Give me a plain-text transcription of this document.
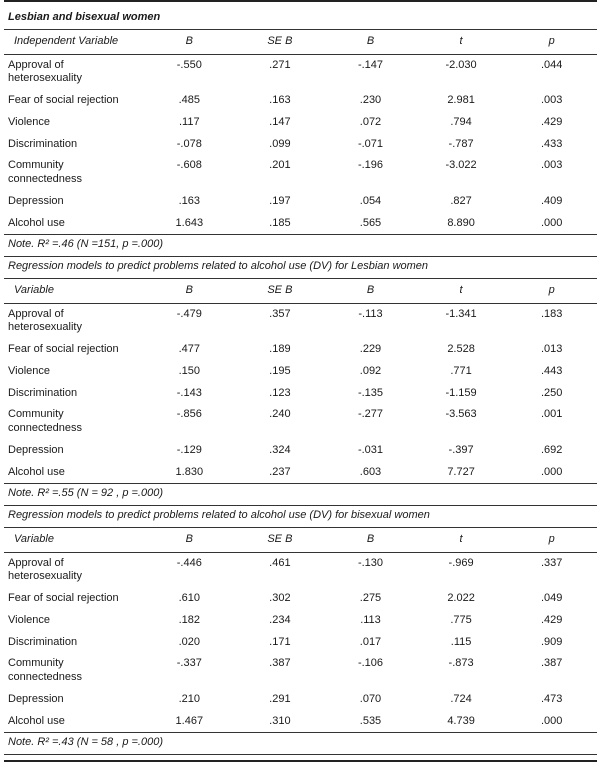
Lesbian and bisexual women
Independent Variable	B	SE B	B	t	p
Approval of heterosexuality	-.550	.271	-.147	-2.030	.044
Fear of social rejection	.485	.163	.230	2.981	.003
Violence	.117	.147	.072	.794	.429
Discrimination	-.078	.099	-.071	-.787	.433
Community connectedness	-.608	.201	-.196	-3.022	.003
Depression	.163	.197	.054	.827	.409
Alcohol use	1.643	.185	.565	8.890	.000
Note. R² =.46 (N =151, p =.000)
Regression models to predict problems related to alcohol use (DV) for Lesbian women
Variable	B	SE B	B	t	p
Approval of heterosexuality	-.479	.357	-.113	-1.341	.183
Fear of social rejection	.477	.189	.229	2.528	.013
Violence	.150	.195	.092	.771	.443
Discrimination	-.143	.123	-.135	-1.159	.250
Community connectedness	-.856	.240	-.277	-3.563	.001
Depression	-.129	.324	-.031	-.397	.692
Alcohol use	1.830	.237	.603	7.727	.000
Note. R² =.55 (N = 92 , p =.000)
Regression models to predict problems related to alcohol use (DV) for bisexual women
Variable	B	SE B	B	t	p
Approval of heterosexuality	-.446	.461	-.130	-.969	.337
Fear of social rejection	.610	.302	.275	2.022	.049
Violence	.182	.234	.113	.775	.429
Discrimination	.020	.171	.017	.115	.909
Community connectedness	-.337	.387	-.106	-.873	.387
Depression	.210	.291	.070	.724	.473
Alcohol use	1.467	.310	.535	4.739	.000
Note. R² =.43 (N = 58 , p =.000)
